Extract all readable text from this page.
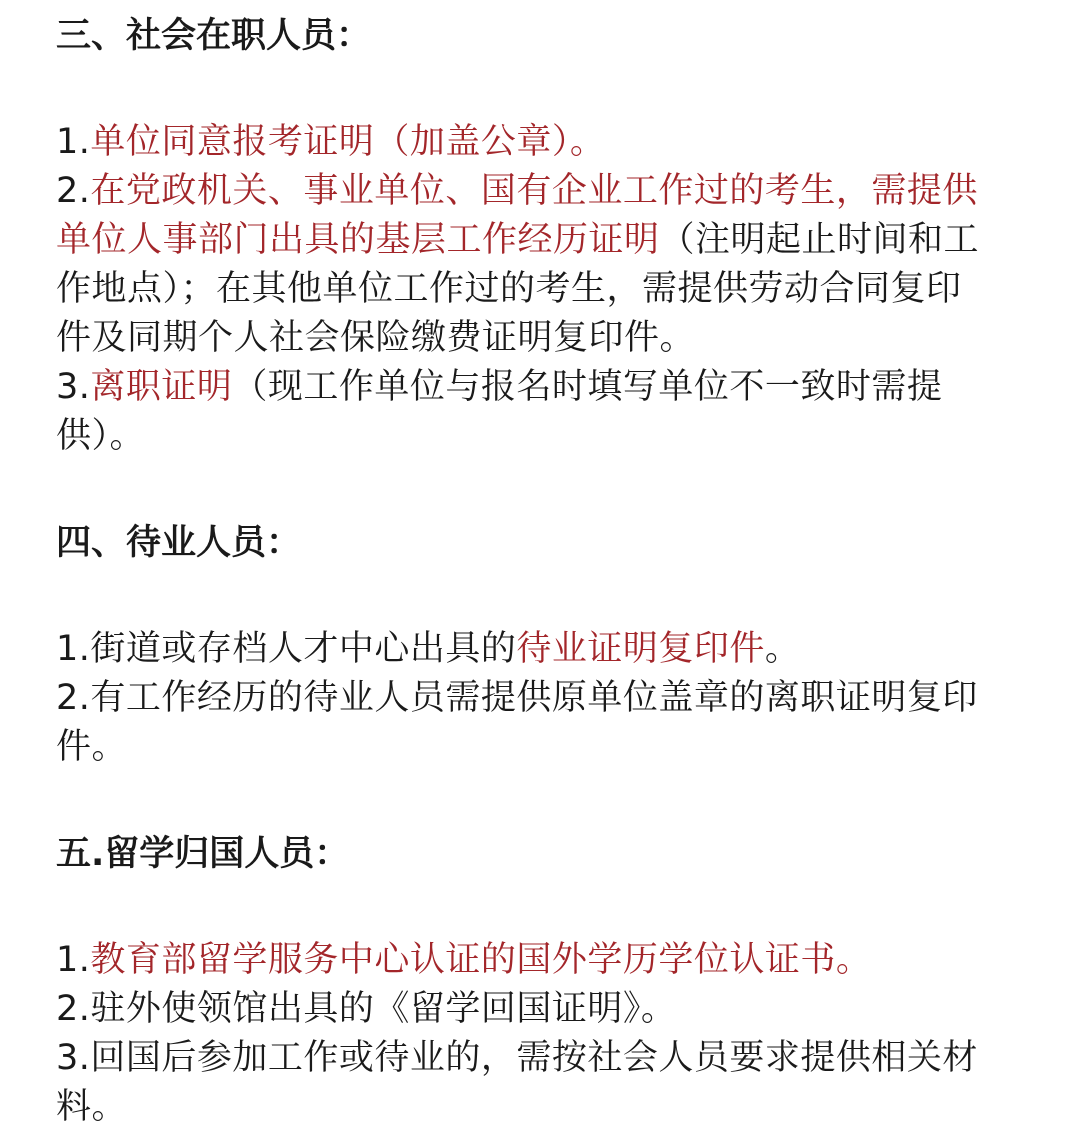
三、社会在职人员：
1.单位同意报考证明（加盖公章）。
2.在党政机关、事业单位、国有企业工作过的考生，需提供
单位人事部门出具的基层工作经历证明（注明起止时间和工
作地点）；在其他单位工作过的考生，需提供劳动合同复印
件及同期个人社会保险缴费证明复印件。
3.离职证明（现工作单位与报名时填写单位不一致时需提
供）。
四、待业人员：
1.街道或存档人才中心出具的待业证明复印件。
2.有工作经历的待业人员需提供原单位盖章的离职证明复印
件。
五.留学归国人员：
1.教育部留学服务中心认证的国外学历学位认证书。
2.驻外使领馆出具的《留学回国证明》。
3.回国后参加工作或待业的，需按社会人员要求提供相关材
料。
